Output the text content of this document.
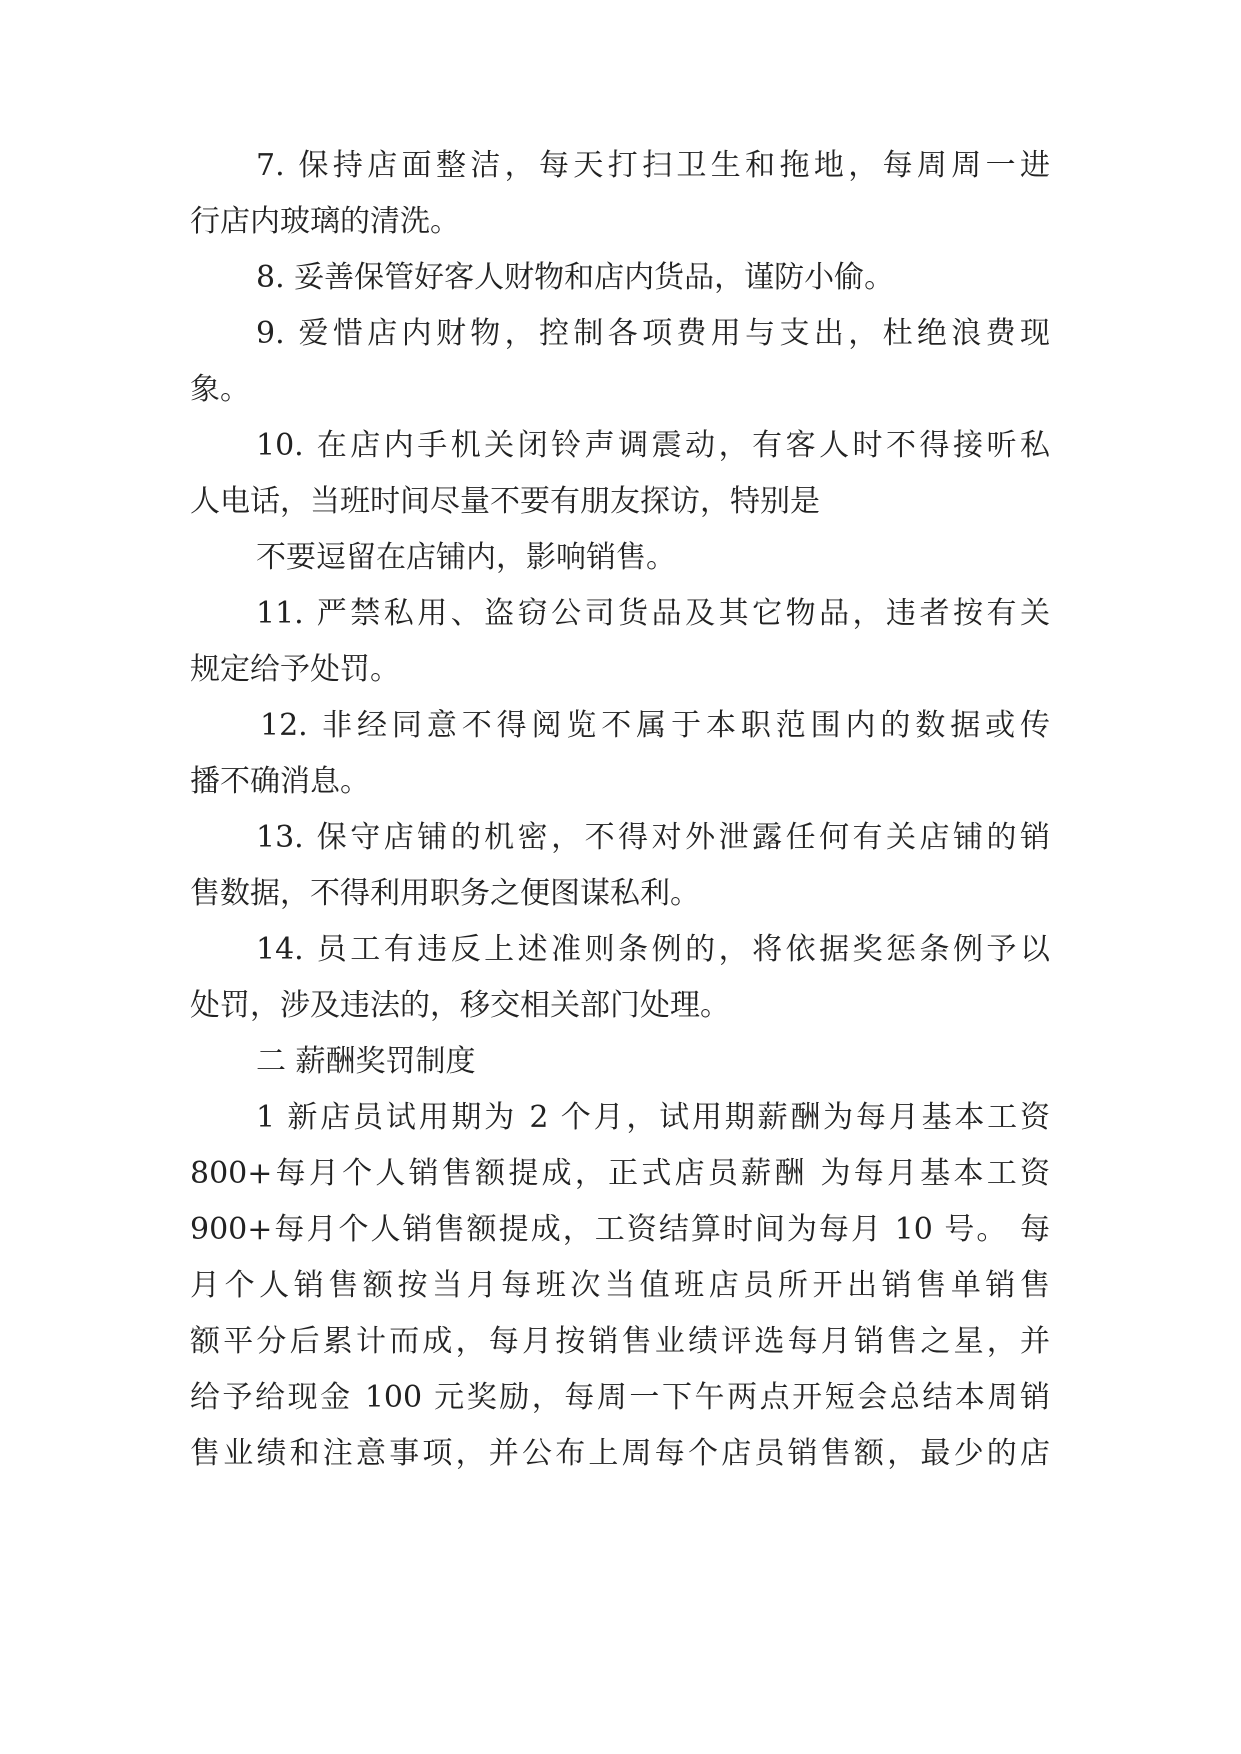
7. 保持店面整洁，每天打扫卫生和拖地，每周周一进

行店内玻璃的清洗。

8. 妥善保管好客人财物和店内货品，谨防小偷。

9. 爱惜店内财物，控制各项费用与支出，杜绝浪费现

象。

10. 在店内手机关闭铃声调震动，有客人时不得接听私

人电话，当班时间尽量不要有朋友探访，特别是

不要逗留在店铺内，影响销售。

11. 严禁私用、盗窃公司货品及其它物品，违者按有关

规定给予处罚。

12. 非经同意不得阅览不属于本职范围内的数据或传

播不确消息。

13. 保守店铺的机密，不得对外泄露任何有关店铺的销

售数据，不得利用职务之便图谋私利。

14. 员工有违反上述准则条例的，将依据奖惩条例予以

处罚，涉及违法的，移交相关部门处理。

二 薪酬奖罚制度

1 新店员试用期为 2 个月，试用期薪酬为每月基本工资

800+每月个人销售额提成，正式店员薪酬 为每月基本工资

900+每月个人销售额提成，工资结算时间为每月 10 号。 每

月个人销售额按当月每班次当值班店员所开出销售单销售

额平分后累计而成，每月按销售业绩评选每月销售之星，并

给予给现金 100 元奖励，每周一下午两点开短会总结本周销

售业绩和注意事项，并公布上周每个店员销售额，最少的店
